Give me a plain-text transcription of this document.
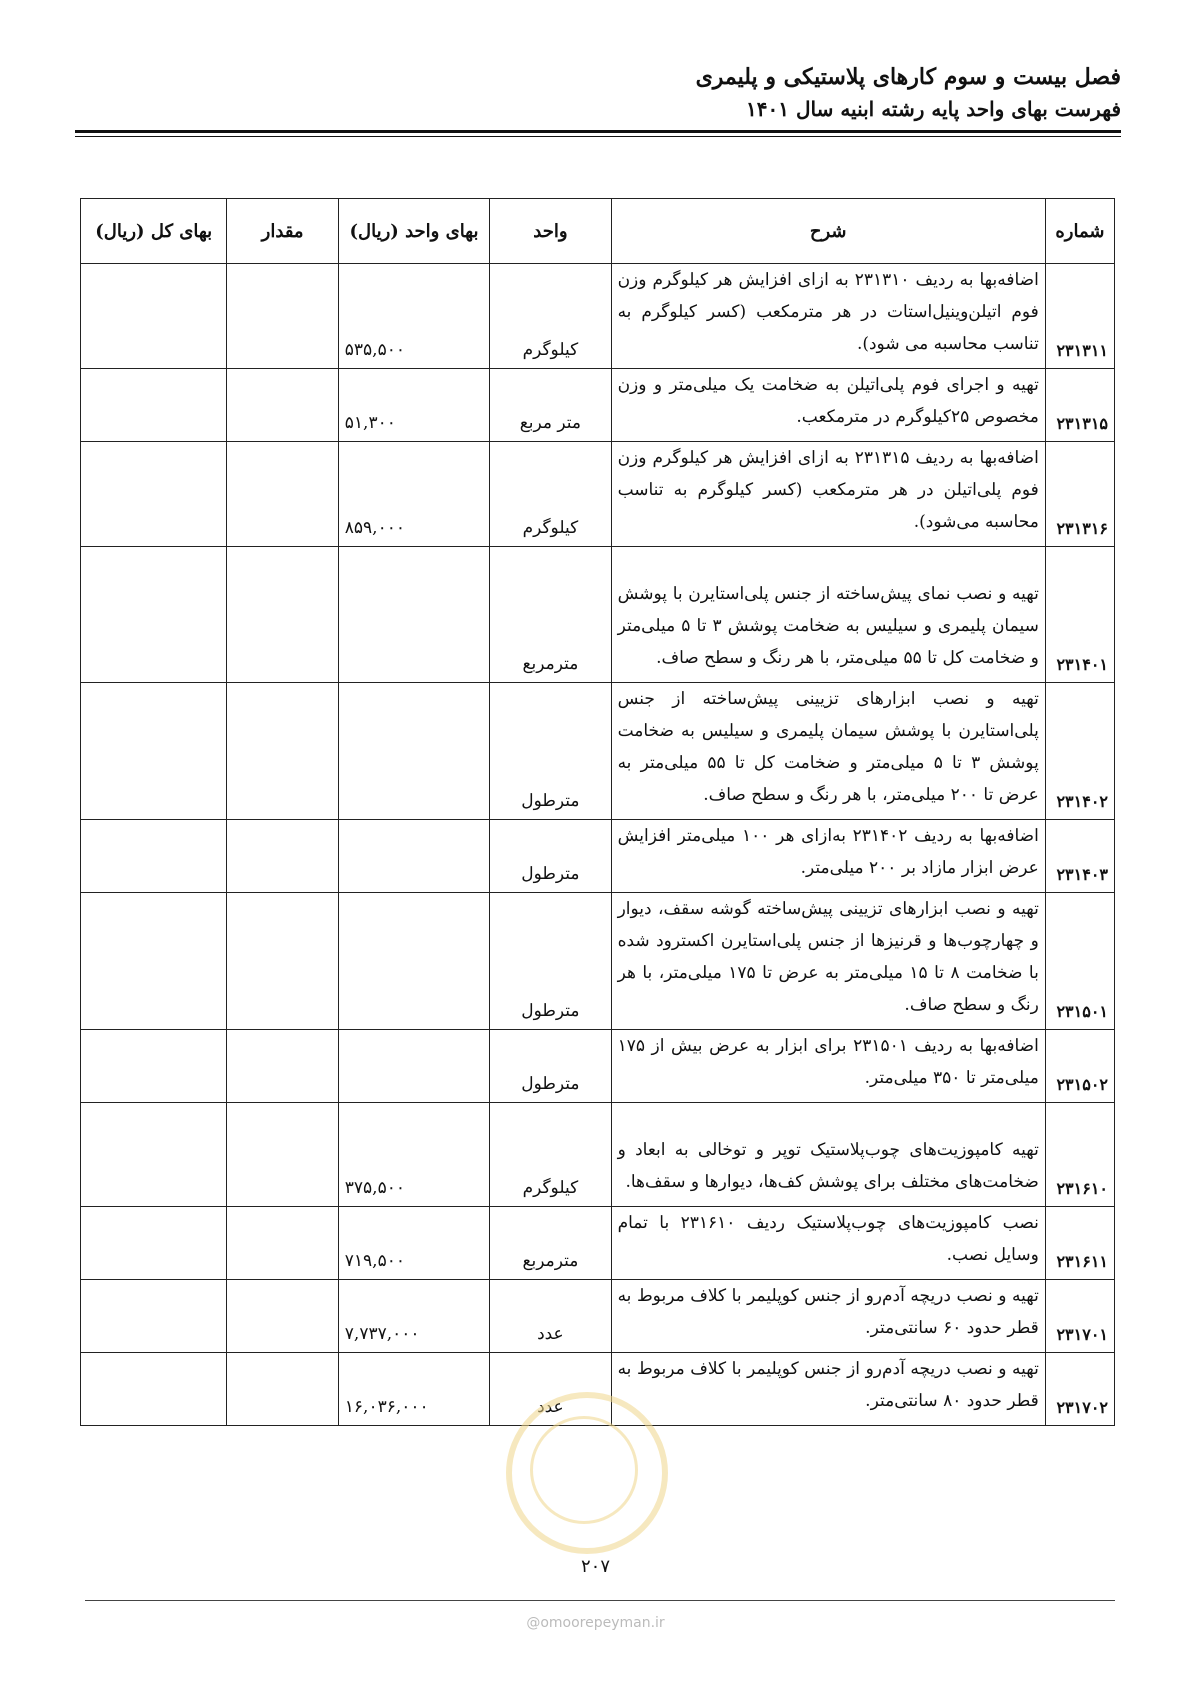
فصل بیست و سوم کارهای پلاستیکی و پلیمری
فهرست بهای واحد پایه رشته ابنیه سال ۱۴۰۱
شماره	شرح	واحد	بهای واحد (ریال)	مقدار	بهای کل (ریال)
۲۳۱۳۱۱	اضافه‌بها به ردیف ۲۳۱۳۱۰ به ازای افزایش هر کیلوگرم وزن فوم اتیلن‌وینیل‌استات در هر مترمکعب (کسر کیلوگرم به تناسب محاسبه می شود).	کیلوگرم	۵۳۵,۵۰۰		
۲۳۱۳۱۵	تهیه و اجرای فوم پلی‌اتیلن به ضخامت یک میلی‌متر و وزن مخصوص ۲۵کیلوگرم در مترمکعب.	متر مربع	۵۱,۳۰۰		
۲۳۱۳۱۶	اضافه‌بها به ردیف ۲۳۱۳۱۵ به ازای افزایش هر کیلوگرم وزن فوم پلی‌اتیلن در هر مترمکعب (کسر کیلوگرم به تناسب محاسبه می‌شود).	کیلوگرم	۸۵۹,۰۰۰		
۲۳۱۴۰۱	تهیه و نصب نمای پیش‌ساخته از جنس پلی‌استایرن با پوشش سیمان پلیمری و سیلیس به ضخامت پوشش ۳ تا ۵ میلی‌متر و ضخامت کل تا ۵۵ میلی‌متر، با هر رنگ و سطح صاف.	مترمربع			
۲۳۱۴۰۲	تهیه و نصب ابزارهای تزیینی پیش‌ساخته از جنس پلی‌استایرن با پوشش سیمان پلیمری و سیلیس به ضخامت پوشش ۳ تا ۵ میلی‌متر و ضخامت کل تا ۵۵ میلی‌متر به عرض تا ۲۰۰ میلی‌متر، با هر رنگ و سطح صاف.	مترطول			
۲۳۱۴۰۳	اضافه‌بها به ردیف ۲۳۱۴۰۲ به‌ازای هر ۱۰۰ میلی‌متر افزایش عرض ابزار مازاد بر ۲۰۰ میلی‌متر.	مترطول			
۲۳۱۵۰۱	تهیه و نصب ابزارهای تزیینی پیش‌ساخته گوشه سقف، دیوار و چهارچوب‌ها و قرنیزها از جنس پلی‌استایرن اکسترود شده با ضخامت ۸ تا ۱۵ میلی‌متر به عرض تا ۱۷۵ میلی‌متر، با هر رنگ و سطح صاف.	مترطول			
۲۳۱۵۰۲	اضافه‌بها به ردیف ۲۳۱۵۰۱ برای ابزار به عرض بیش از ۱۷۵ میلی‌متر تا ۳۵۰ میلی‌متر.	مترطول			
۲۳۱۶۱۰	تهیه کامپوزیت‌های چوب‌پلاستیک توپر و توخالی به ابعاد و ضخامت‌های مختلف برای پوشش کف‌ها، دیوارها و سقف‌ها.	کیلوگرم	۳۷۵,۵۰۰		
۲۳۱۶۱۱	نصب کامپوزیت‌های چوب‌پلاستیک ردیف ۲۳۱۶۱۰ با تمام وسایل نصب.	مترمربع	۷۱۹,۵۰۰		
۲۳۱۷۰۱	تهیه و نصب دریچه آدم‌رو از جنس کوپلیمر با کلاف مربوط به قطر حدود ۶۰ سانتی‌متر.	عدد	۷,۷۳۷,۰۰۰		
۲۳۱۷۰۲	تهیه و نصب دریچه آدم‌رو از جنس کوپلیمر با کلاف مربوط به قطر حدود ۸۰ سانتی‌متر.	عدد	۱۶,۰۳۶,۰۰۰		
۲۰۷
@omoorepeyman.ir
